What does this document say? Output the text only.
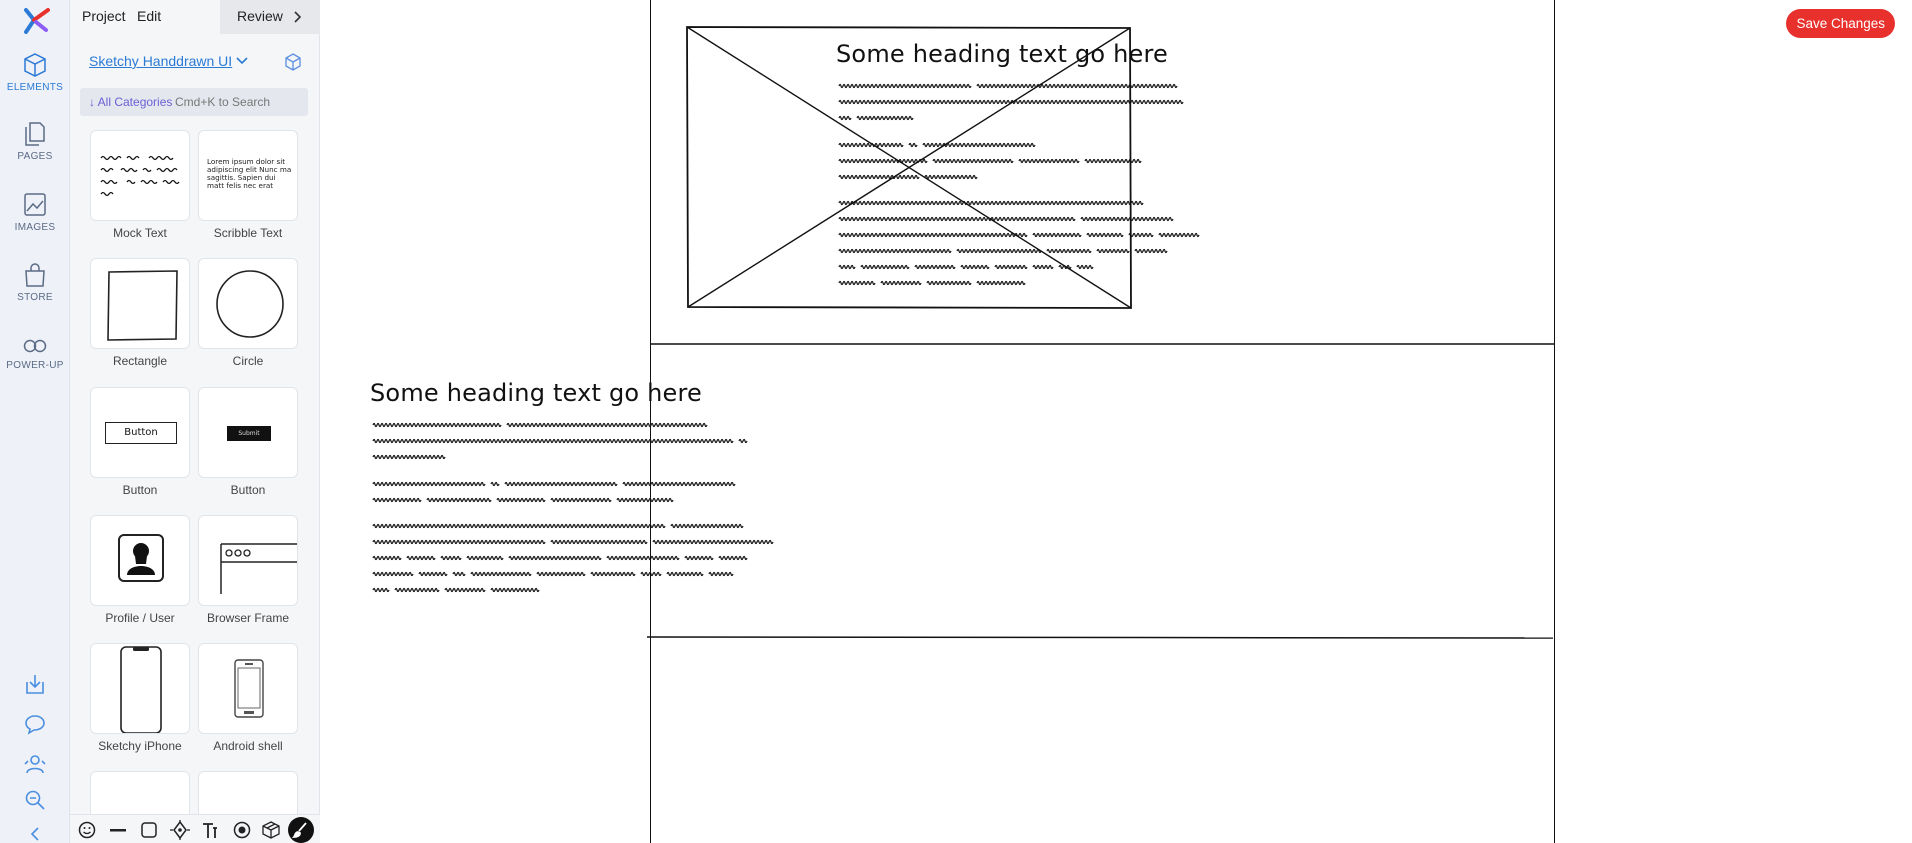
ELEMENTS
PAGES
IMAGES
STORE
POWER-UP
Project Edit	Review
Sketchy Handdrawn UI
↓ All Categories
Cmd+K to Search
Mock Text
Lorem ipsum dolor sit adipiscing elit Nunc ma sagittis. Sapien dui matt felis nec erat
Scribble Text
Rectangle	Circle
Button
Button
Submit
Button
Profile / User	Browser Frame
Sketchy iPhone	Android shell
Some heading text go here
Some heading text go here
Save Changes
